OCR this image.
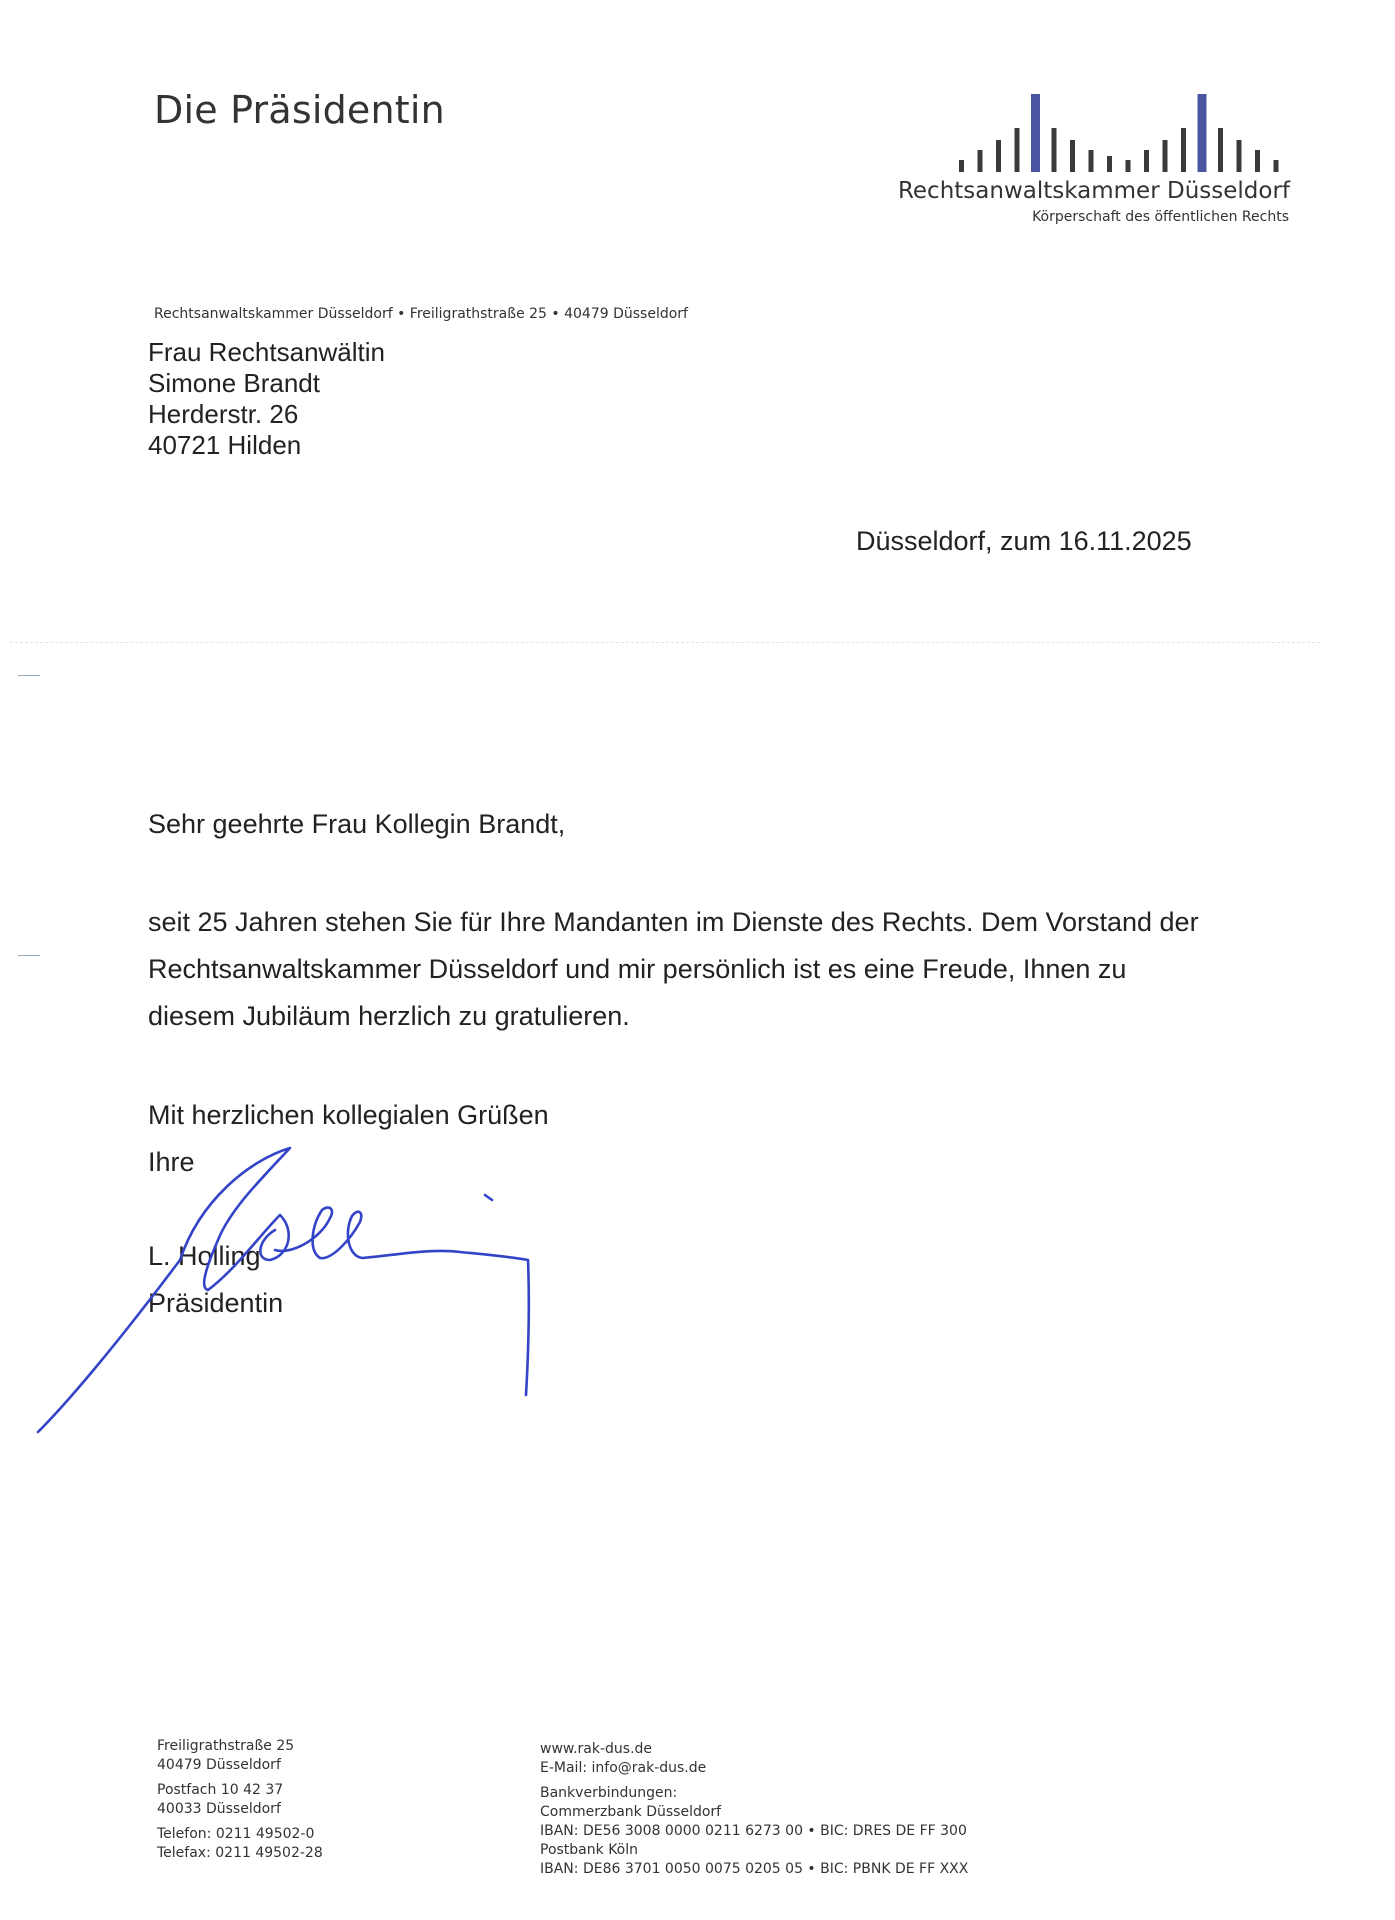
Die Präsidentin
Rechtsanwaltskammer Düsseldorf
Körperschaft des öffentlichen Rechts
Rechtsanwaltskammer Düsseldorf • Freiligrathstraße 25 • 40479 Düsseldorf
Frau Rechtsanwältin
Simone Brandt
Herderstr. 26
40721 Hilden
Düsseldorf, zum 16.11.2025
Sehr geehrte Frau Kollegin Brandt,
seit 25 Jahren stehen Sie für Ihre Mandanten im Dienste des Rechts. Dem Vorstand der Rechtsanwaltskammer Düsseldorf und mir persönlich ist es eine Freude, Ihnen zu diesem Jubiläum herzlich zu gratulieren.
Mit herzlichen kollegialen Grüßen
Ihre
L. Holling
Präsidentin
Freiligrathstraße 25
40479 Düsseldorf
Postfach 10 42 37
40033 Düsseldorf
Telefon: 0211 49502-0
Telefax: 0211 49502-28
www.rak-dus.de
E-Mail: info@rak-dus.de
Bankverbindungen:
Commerzbank Düsseldorf
IBAN: DE56 3008 0000 0211 6273 00 • BIC: DRES DE FF 300
Postbank Köln
IBAN: DE86 3701 0050 0075 0205 05 • BIC: PBNK DE FF XXX
